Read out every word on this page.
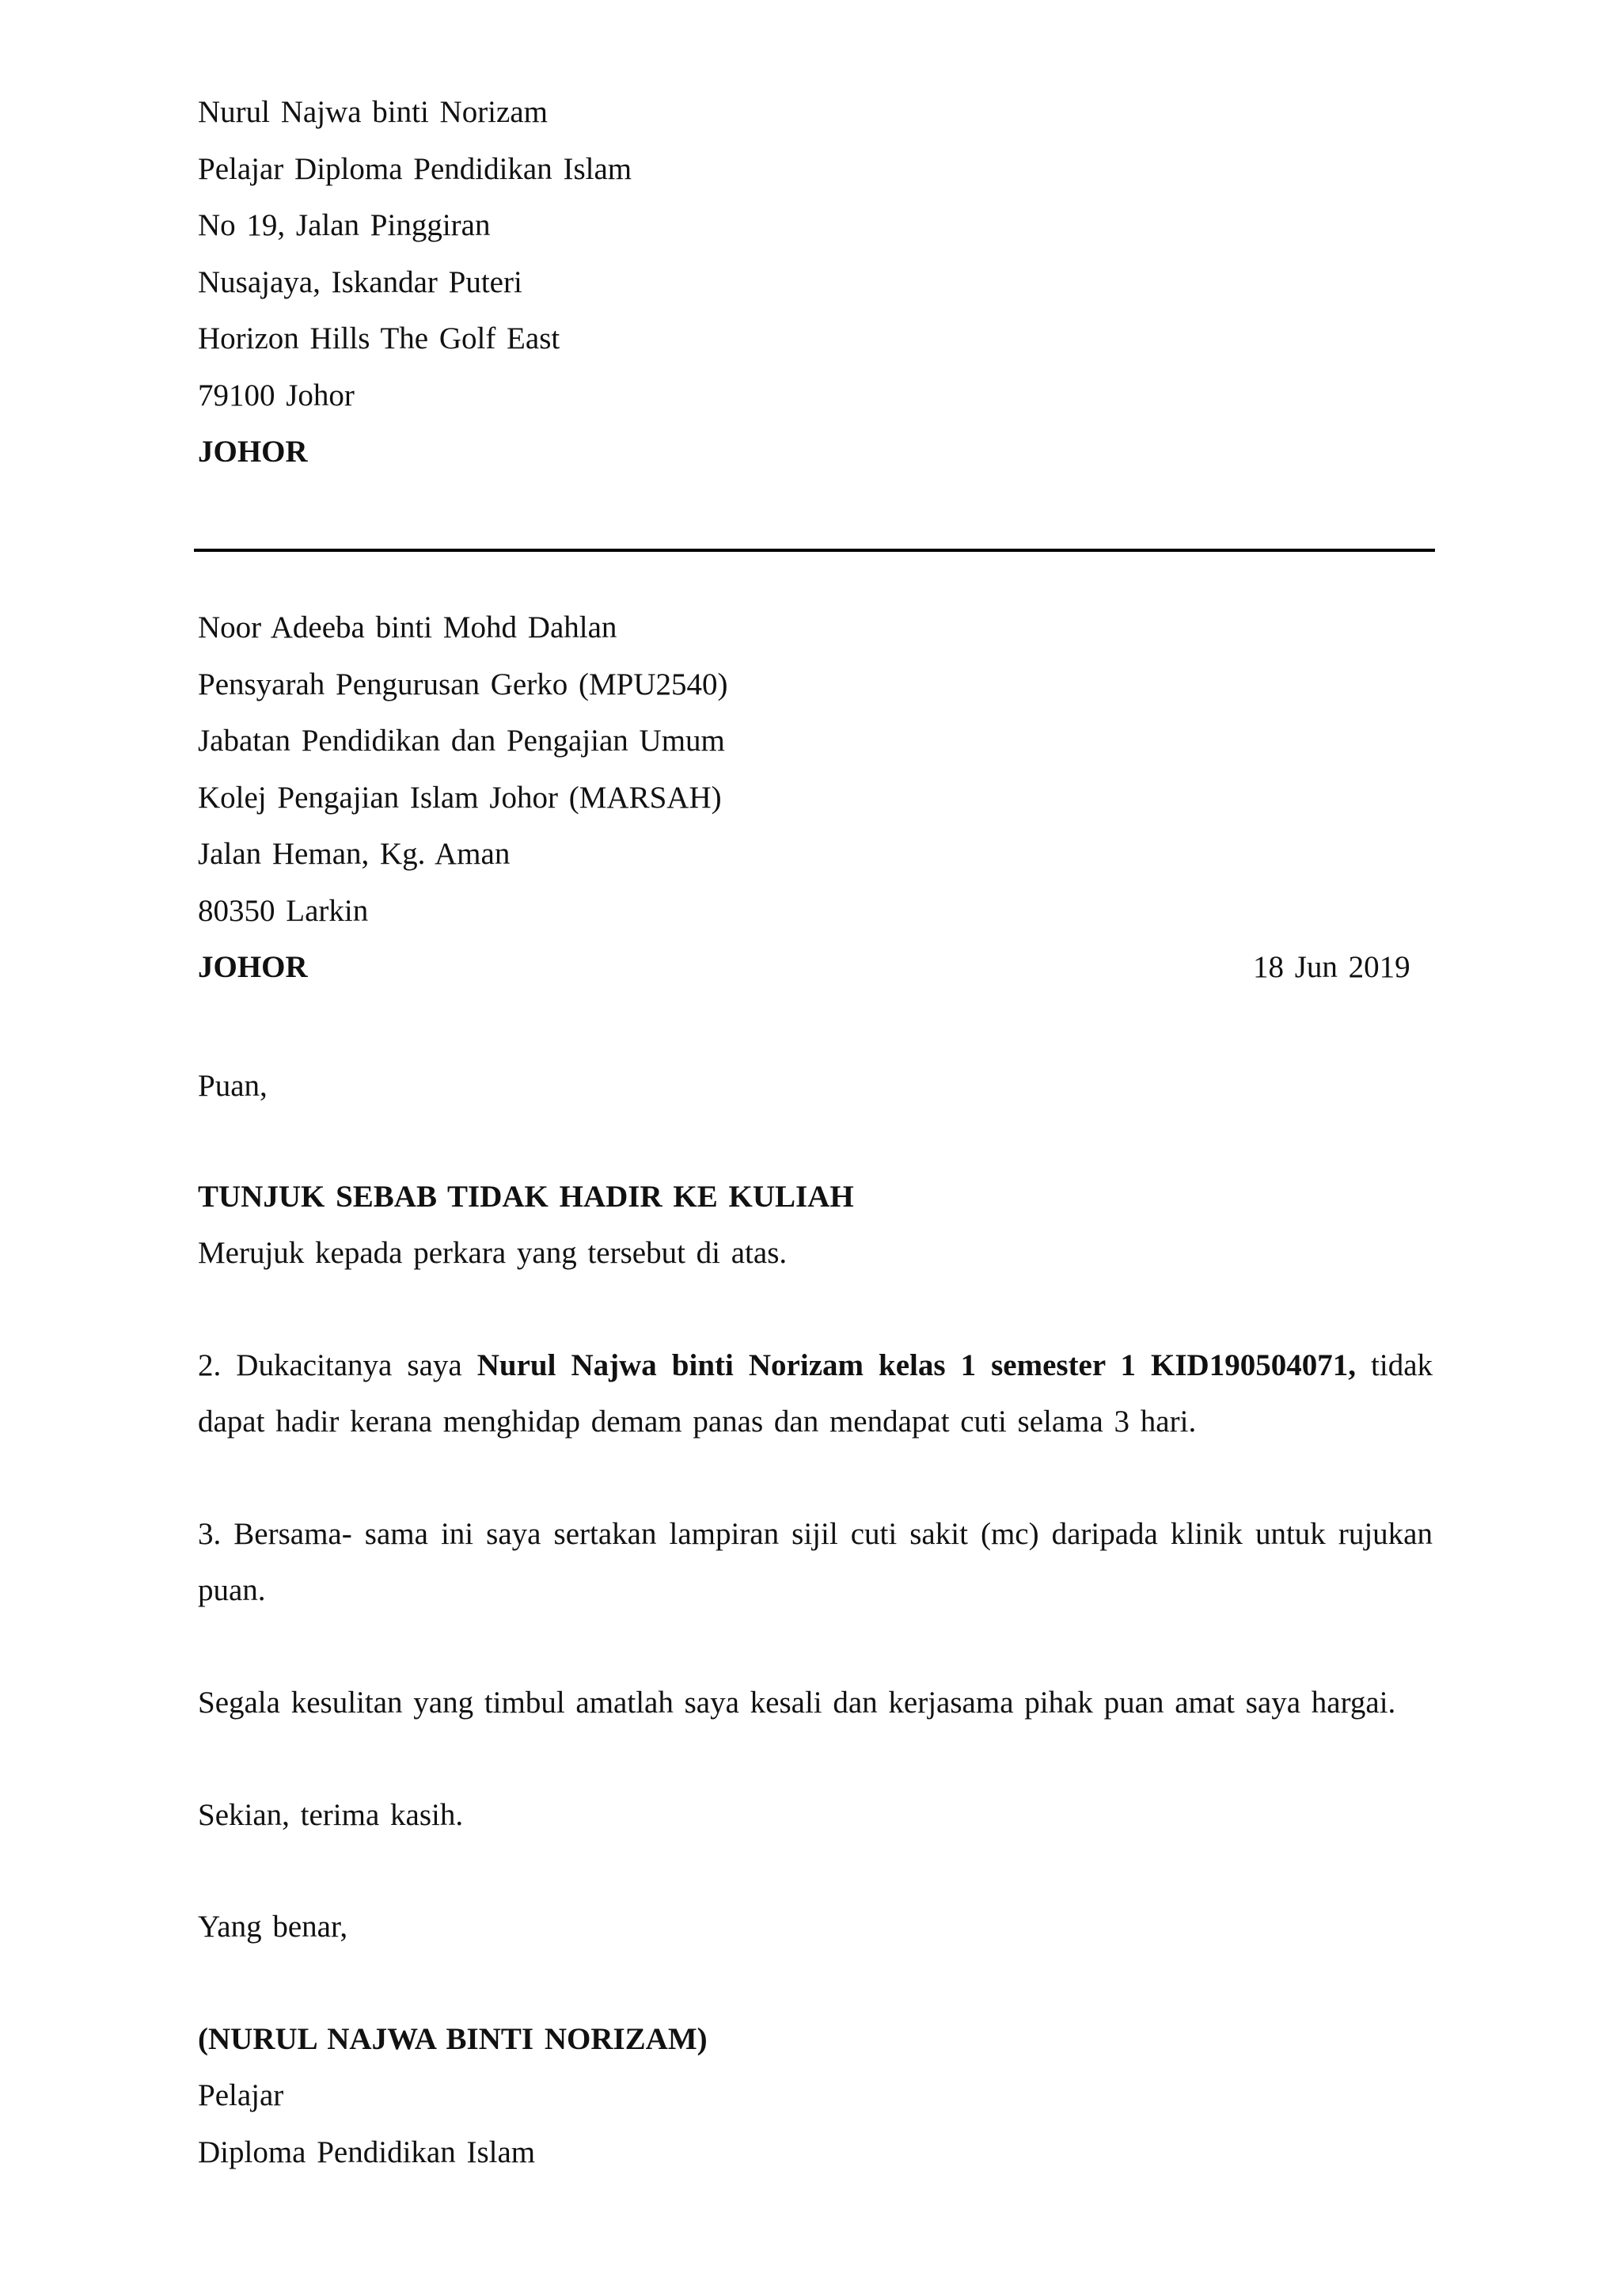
Nurul Najwa binti Norizam
Pelajar Diploma Pendidikan Islam
No 19, Jalan Pinggiran
Nusajaya, Iskandar Puteri
Horizon Hills The Golf East
79100 Johor
JOHOR
Noor Adeeba binti Mohd Dahlan
Pensyarah Pengurusan Gerko (MPU2540)
Jabatan Pendidikan dan Pengajian Umum
Kolej Pengajian Islam Johor (MARSAH)
Jalan Heman, Kg. Aman
80350 Larkin
JOHOR	18 Jun 2019
Puan,
TUNJUK SEBAB TIDAK HADIR KE KULIAH
Merujuk kepada perkara yang tersebut di atas.
2. Dukacitanya saya Nurul Najwa binti Norizam kelas 1 semester 1 KID190504071, tidak
dapat hadir kerana menghidap demam panas dan mendapat cuti selama 3 hari.
3. Bersama- sama ini saya sertakan lampiran sijil cuti sakit (mc) daripada klinik untuk rujukan
puan.
Segala kesulitan yang timbul amatlah saya kesali dan kerjasama pihak puan amat saya hargai.
Sekian, terima kasih.
Yang benar,
(NURUL NAJWA BINTI NORIZAM)
Pelajar
Diploma Pendidikan Islam
